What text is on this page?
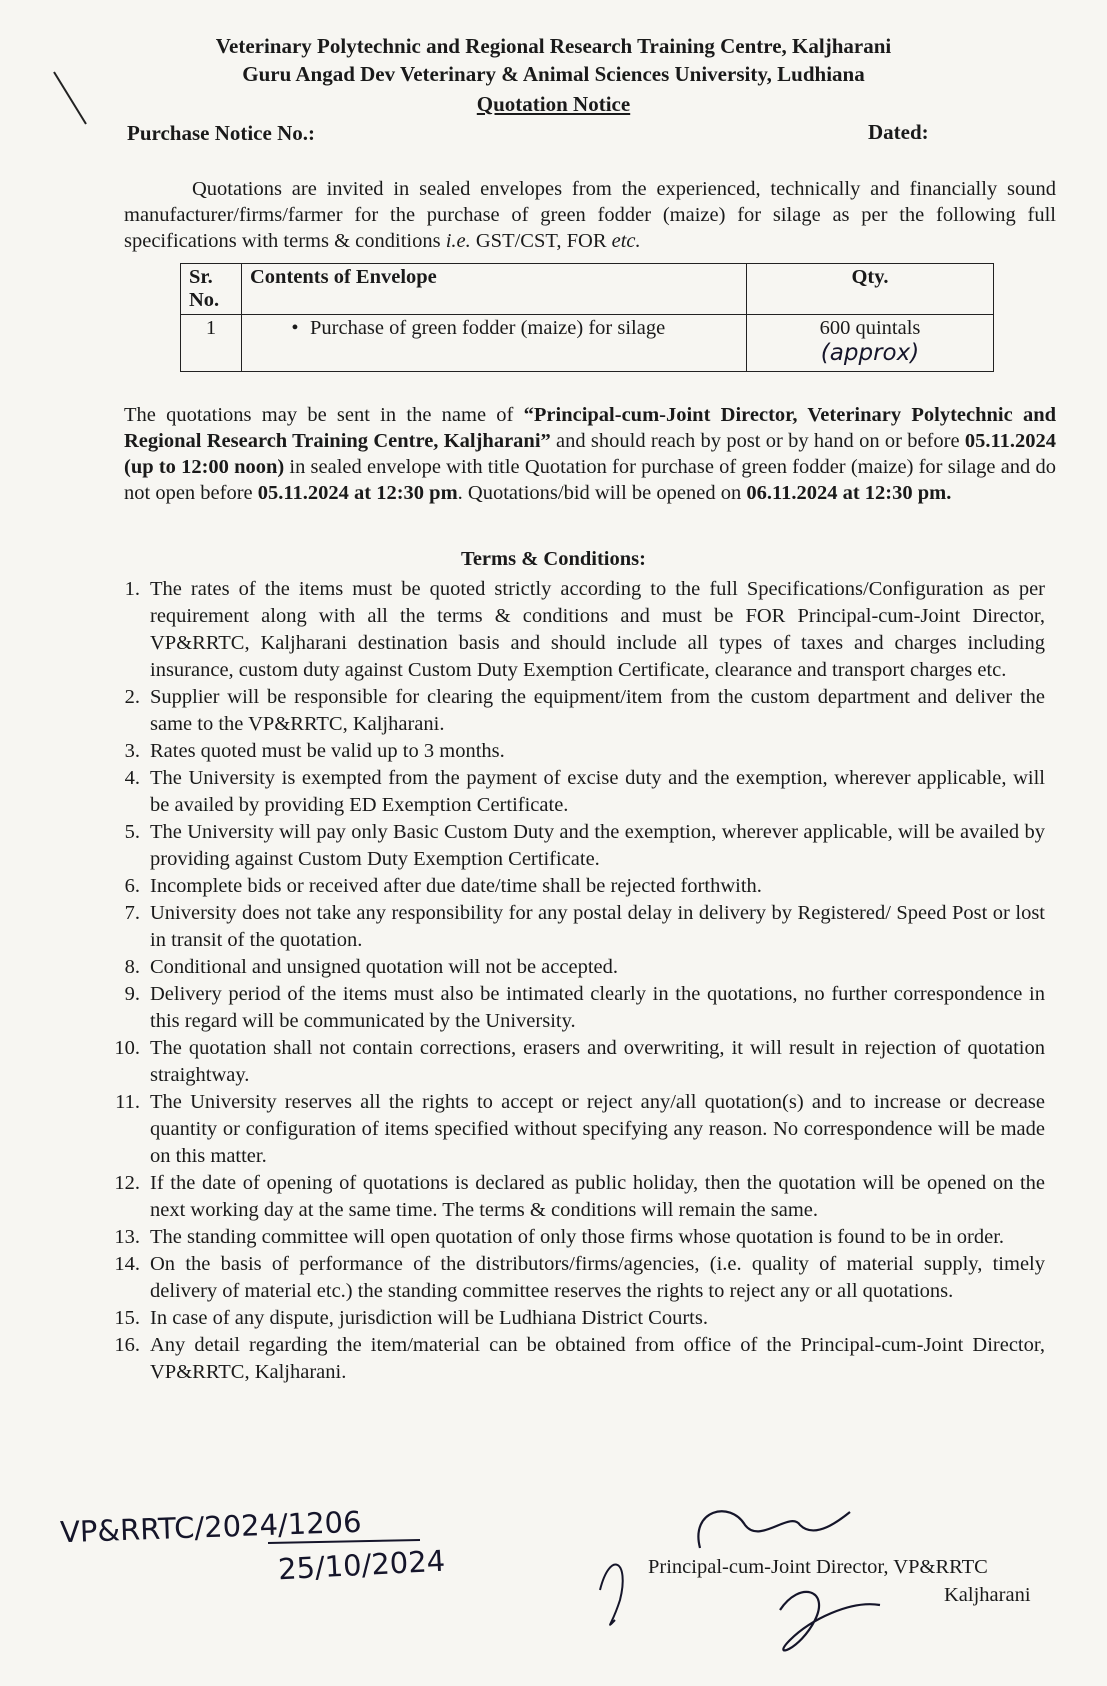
Veterinary Polytechnic and Regional Research Training Centre, Kaljharani
Guru Angad Dev Veterinary & Animal Sciences University, Ludhiana
Quotation Notice
Purchase Notice No.:	Dated:
Quotations are invited in sealed envelopes from the experienced, technically and financially sound manufacturer/firms/farmer for the purchase of green fodder (maize) for silage as per the following full specifications with terms & conditions i.e. GST/CST, FOR etc.
Sr. No.	Contents of Envelope	Qty.
1	• Purchase of green fodder (maize) for silage	600 quintals
(approx)
The quotations may be sent in the name of “Principal-cum-Joint Director, Veterinary Polytechnic and Regional Research Training Centre, Kaljharani” and should reach by post or by hand on or before 05.11.2024 (up to 12:00 noon) in sealed envelope with title Quotation for purchase of green fodder (maize) for silage and do not open before 05.11.2024 at 12:30 pm. Quotations/bid will be opened on 06.11.2024 at 12:30 pm.
Terms & Conditions:
1. The rates of the items must be quoted strictly according to the full Specifications/Configuration as per requirement along with all the terms & conditions and must be FOR Principal-cum-Joint Director, VP&RRTC, Kaljharani destination basis and should include all types of taxes and charges including insurance, custom duty against Custom Duty Exemption Certificate, clearance and transport charges etc.
2. Supplier will be responsible for clearing the equipment/item from the custom department and deliver the same to the VP&RRTC, Kaljharani.
3. Rates quoted must be valid up to 3 months.
4. The University is exempted from the payment of excise duty and the exemption, wherever applicable, will be availed by providing ED Exemption Certificate.
5. The University will pay only Basic Custom Duty and the exemption, wherever applicable, will be availed by providing against Custom Duty Exemption Certificate.
6. Incomplete bids or received after due date/time shall be rejected forthwith.
7. University does not take any responsibility for any postal delay in delivery by Registered/ Speed Post or lost in transit of the quotation.
8. Conditional and unsigned quotation will not be accepted.
9. Delivery period of the items must also be intimated clearly in the quotations, no further correspondence in this regard will be communicated by the University.
10. The quotation shall not contain corrections, erasers and overwriting, it will result in rejection of quotation straightway.
11. The University reserves all the rights to accept or reject any/all quotation(s) and to increase or decrease quantity or configuration of items specified without specifying any reason. No correspondence will be made on this matter.
12. If the date of opening of quotations is declared as public holiday, then the quotation will be opened on the next working day at the same time. The terms & conditions will remain the same.
13. The standing committee will open quotation of only those firms whose quotation is found to be in order.
14. On the basis of performance of the distributors/firms/agencies, (i.e. quality of material supply, timely delivery of material etc.) the standing committee reserves the rights to reject any or all quotations.
15. In case of any dispute, jurisdiction will be Ludhiana District Courts.
16. Any detail regarding the item/material can be obtained from office of the Principal-cum-Joint Director, VP&RRTC, Kaljharani.
VP&RRTC/2024/1206
25/10/2024	Principal-cum-Joint Director, VP&RRTC
Kaljharani
